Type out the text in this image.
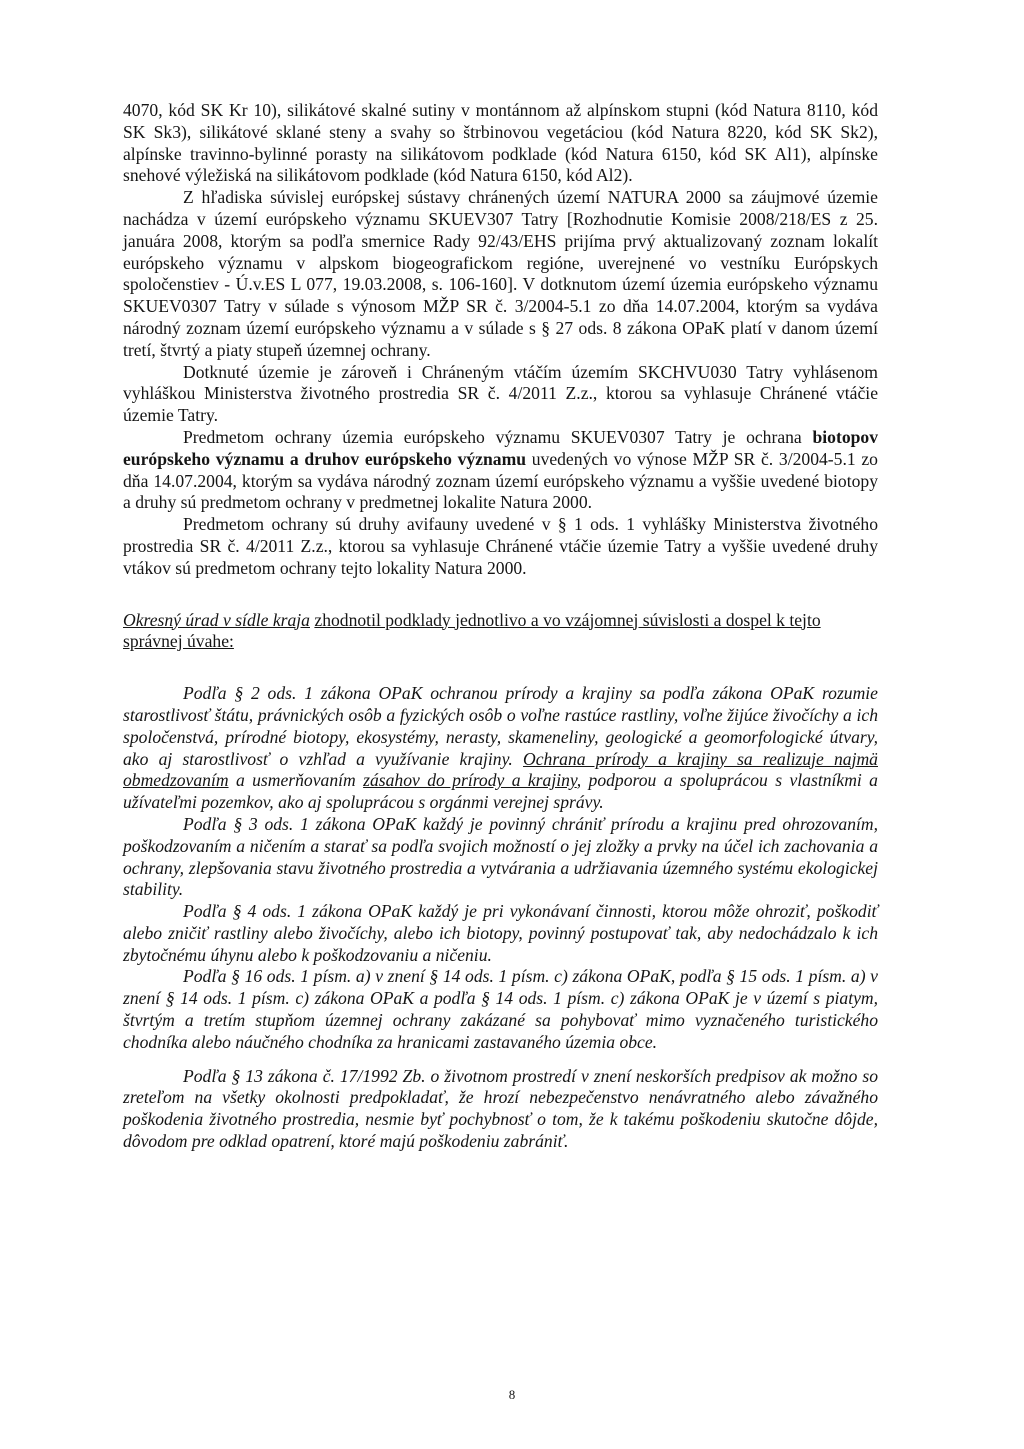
4070, kód SK Kr 10), silikátové skalné sutiny v montánnom až alpínskom stupni (kód Natura 8110, kód SK Sk3), silikátové sklané steny a svahy so štrbinovou vegetáciou (kód Natura 8220, kód SK Sk2), alpínske travinno-bylinné porasty na silikátovom podklade (kód Natura 6150, kód SK Al1), alpínske snehové výležiská na silikátovom podklade (kód Natura 6150, kód Al2).

Z hľadiska súvislej európskej sústavy chránených území NATURA 2000 sa záujmové územie nachádza v území európskeho významu SKUEV307 Tatry [Rozhodnutie Komisie 2008/218/ES z 25. januára 2008, ktorým sa podľa smernice Rady 92/43/EHS prijíma prvý aktualizovaný zoznam lokalít európskeho významu v alpskom biogeografickom regióne, uverejnené vo vestníku Európskych spoločenstiev - Ú.v.ES L 077, 19.03.2008, s. 106-160]. V dotknutom území územia európskeho významu SKUEV0307 Tatry v súlade s výnosom MŽP SR č. 3/2004-5.1 zo dňa 14.07.2004, ktorým sa vydáva národný zoznam území európskeho významu a v súlade s § 27 ods. 8 zákona OPaK platí v danom území tretí, štvrtý a piaty stupeň územnej ochrany.

Dotknuté územie je zároveň i Chráneným vtáčím územím SKCHVU030 Tatry vyhlásenom vyhláškou Ministerstva životného prostredia SR č. 4/2011 Z.z., ktorou sa vyhlasuje Chránené vtáčie územie Tatry.

Predmetom ochrany územia európskeho významu SKUEV0307 Tatry je ochrana biotopov európskeho významu a druhov európskeho významu uvedených vo výnose MŽP SR č. 3/2004-5.1 zo dňa 14.07.2004, ktorým sa vydáva národný zoznam území európskeho významu a vyššie uvedené biotopy a druhy sú predmetom ochrany v predmetnej lokalite Natura 2000.

Predmetom ochrany sú druhy avifauny uvedené v § 1 ods. 1 vyhlášky Ministerstva životného prostredia SR č. 4/2011 Z.z., ktorou sa vyhlasuje Chránené vtáčie územie Tatry a vyššie uvedené druhy vtákov sú predmetom ochrany tejto lokality Natura 2000.

Okresný úrad v sídle kraja zhodnotil podklady jednotlivo a vo vzájomnej súvislosti a dospel k tejto správnej úvahe:

Podľa § 2 ods. 1 zákona OPaK ochranou prírody a krajiny sa podľa zákona OPaK rozumie starostlivosť štátu, právnických osôb a fyzických osôb o voľne rastúce rastliny, voľne žijúce živočíchy a ich spoločenstvá, prírodné biotopy, ekosystémy, nerasty, skameneliny, geologické a geomorfologické útvary, ako aj starostlivosť o vzhľad a využívanie krajiny. Ochrana prírody a krajiny sa realizuje najmä obmedzovaním a usmerňovaním zásahov do prírody a krajiny, podporou a spoluprácou s vlastníkmi a užívateľmi pozemkov, ako aj spoluprácou s orgánmi verejnej správy.

Podľa § 3 ods. 1 zákona OPaK každý je povinný chrániť prírodu a krajinu pred ohrozovaním, poškodzovaním a ničením a starať sa podľa svojich možností o jej zložky a prvky na účel ich zachovania a ochrany, zlepšovania stavu životného prostredia a vytvárania a udržiavania územného systému ekologickej stability.

Podľa § 4 ods. 1 zákona OPaK každý je pri vykonávaní činnosti, ktorou môže ohroziť, poškodiť alebo zničiť rastliny alebo živočíchy, alebo ich biotopy, povinný postupovať tak, aby nedochádzalo k ich zbytočnému úhynu alebo k poškodzovaniu a ničeniu.

Podľa § 16 ods. 1 písm. a) v znení § 14 ods. 1 písm. c) zákona OPaK, podľa § 15 ods. 1 písm. a) v znení § 14 ods. 1 písm. c) zákona OPaK a podľa § 14 ods. 1 písm. c) zákona OPaK je v území s piatym, štvrtým a tretím stupňom územnej ochrany zakázané sa pohybovať mimo vyznačeného turistického chodníka alebo náučného chodníka za hranicami zastavaného územia obce.

Podľa § 13 zákona č. 17/1992 Zb. o životnom prostredí v znení neskorších predpisov ak možno so zreteľom na všetky okolnosti predpokladať, že hrozí nebezpečenstvo nenávratného alebo závažného poškodenia životného prostredia, nesmie byť pochybnosť o tom, že k takému poškodeniu skutočne dôjde, dôvodom pre odklad opatrení, ktoré majú poškodeniu zabrániť.

8
